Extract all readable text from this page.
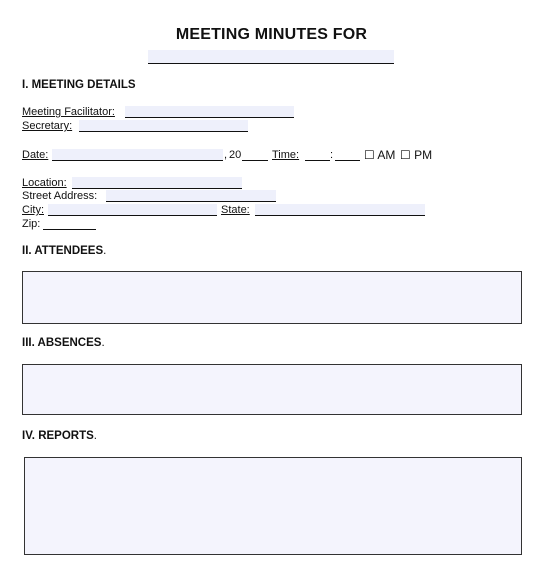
MEETING MINUTES FOR
I. MEETING DETAILS
Meeting Facilitator:
Secretary:
Date:	, 20	Time:	:	☐ AM ☐ PM
Location:
Street Address:
City:	State:
Zip:
II. ATTENDEES.
III. ABSENCES.
IV. REPORTS.
